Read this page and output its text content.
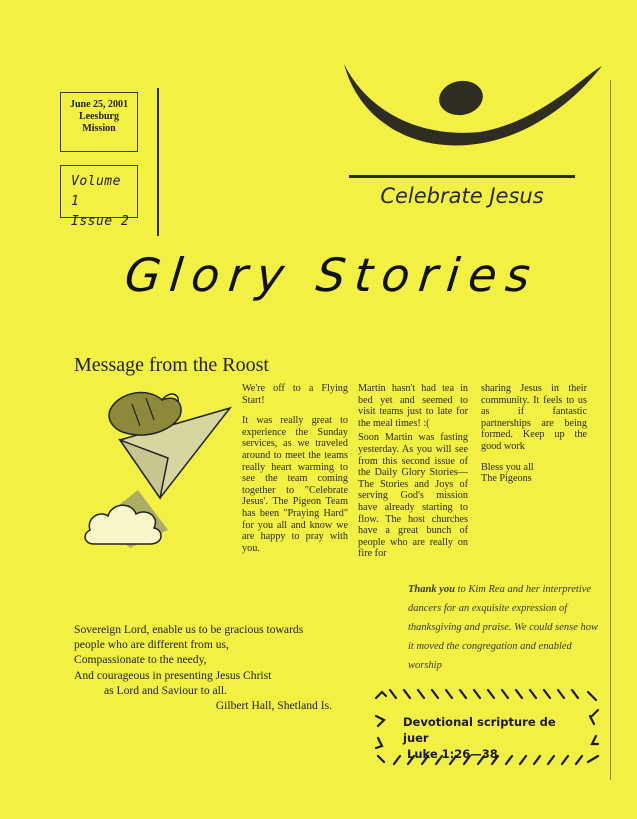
June 25, 2001
Leesburg
Mission
Volume 1
Issue 2
Celebrate Jesus
Glory Stories
Message from the Roost

We're off to a Flying Start!

It was really great to experience the Sunday services, as we traveled around to meet the teams really heart warming to see the team coming together to "Celebrate Jesus'. The Pigeon Team has been "Praying Hard" for you all and know we are happy to pray with you.

Martin hasn't had tea in bed yet and seemed to visit teams just to late for the meal times! :(

Soon Martin was fasting yesterday. As you will see from this second issue of the Daily Glory Stories—The Stories and Joys of serving God's mission have already starting to flow. The host churches have a great bunch of people who are really on fire for

sharing Jesus in their community. It feels to us as if fantastic partnerships are being formed. Keep up the good work

Bless you all
The Pigeons

Thank you to Kim Rea and her interpretive dancers for an exquisite expression of thanksgiving and praise. We could sense how it moved the congregation and enabled worship
Sovereign Lord, enable us to be gracious towards
people who are different from us,
Compassionate to the needy,
And courageous in presenting Jesus Christ
as Lord and Saviour to all.
Gilbert Hall, Shetland Is.
Devotional scripture de juer
Luke 1:26—38
